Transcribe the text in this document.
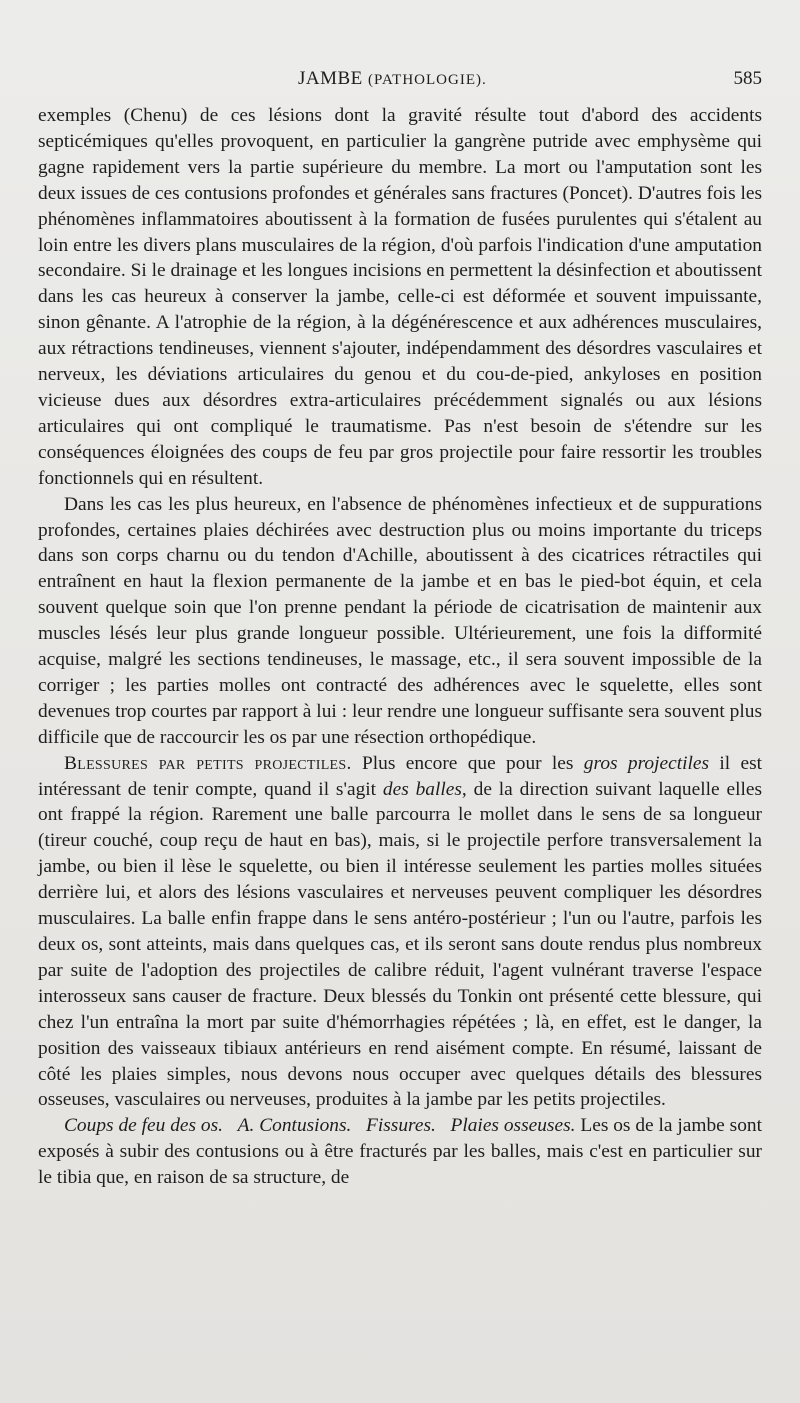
JAMBE (PATHOLOGIE).	585

exemples (Chenu) de ces lésions dont la gravité résulte tout d'abord des accidents septicémiques qu'elles provoquent, en particulier la gangrène putride avec emphysème qui gagne rapidement vers la partie supérieure du membre. La mort ou l'amputation sont les deux issues de ces contusions profondes et générales sans fractures (Poncet). D'autres fois les phénomènes inflammatoires aboutissent à la formation de fusées purulentes qui s'étalent au loin entre les divers plans musculaires de la région, d'où parfois l'indication d'une amputation secondaire. Si le drainage et les longues incisions en permettent la désinfection et aboutissent dans les cas heureux à conserver la jambe, celle-ci est déformée et souvent impuissante, sinon gênante. A l'atrophie de la région, à la dégénérescence et aux adhérences musculaires, aux rétractions tendineuses, viennent s'ajouter, indépendamment des désordres vasculaires et nerveux, les déviations articulaires du genou et du cou-de-pied, ankyloses en position vicieuse dues aux désordres extra-articulaires précédemment signalés ou aux lésions articulaires qui ont compliqué le traumatisme. Pas n'est besoin de s'étendre sur les conséquences éloignées des coups de feu par gros projectile pour faire ressortir les troubles fonctionnels qui en résultent.

Dans les cas les plus heureux, en l'absence de phénomènes infectieux et de suppurations profondes, certaines plaies déchirées avec destruction plus ou moins importante du triceps dans son corps charnu ou du tendon d'Achille, aboutissent à des cicatrices rétractiles qui entraînent en haut la flexion permanente de la jambe et en bas le pied-bot équin, et cela souvent quelque soin que l'on prenne pendant la période de cicatrisation de maintenir aux muscles lésés leur plus grande longueur possible. Ultérieurement, une fois la difformité acquise, malgré les sections tendineuses, le massage, etc., il sera souvent impossible de la corriger ; les parties molles ont contracté des adhérences avec le squelette, elles sont devenues trop courtes par rapport à lui : leur rendre une longueur suffisante sera souvent plus difficile que de raccourcir les os par une résection orthopédique.

Blessures par petits projectiles. Plus encore que pour les gros projectiles il est intéressant de tenir compte, quand il s'agit des balles, de la direction suivant laquelle elles ont frappé la région. Rarement une balle parcourra le mollet dans le sens de sa longueur (tireur couché, coup reçu de haut en bas), mais, si le projectile perfore transversalement la jambe, ou bien il lèse le squelette, ou bien il intéresse seulement les parties molles situées derrière lui, et alors des lésions vasculaires et nerveuses peuvent compliquer les désordres musculaires. La balle enfin frappe dans le sens antéro-postérieur ; l'un ou l'autre, parfois les deux os, sont atteints, mais dans quelques cas, et ils seront sans doute rendus plus nombreux par suite de l'adoption des projectiles de calibre réduit, l'agent vulnérant traverse l'espace interosseux sans causer de fracture. Deux blessés du Tonkin ont présenté cette blessure, qui chez l'un entraîna la mort par suite d'hémorrhagies répétées ; là, en effet, est le danger, la position des vaisseaux tibiaux antérieurs en rend aisément compte. En résumé, laissant de côté les plaies simples, nous devons nous occuper avec quelques détails des blessures osseuses, vasculaires ou nerveuses, produites à la jambe par les petits projectiles.

Coups de feu des os. A. Contusions. Fissures. Plaies osseuses. Les os de la jambe sont exposés à subir des contusions ou à être fracturés par les balles, mais c'est en particulier sur le tibia que, en raison de sa structure, de
